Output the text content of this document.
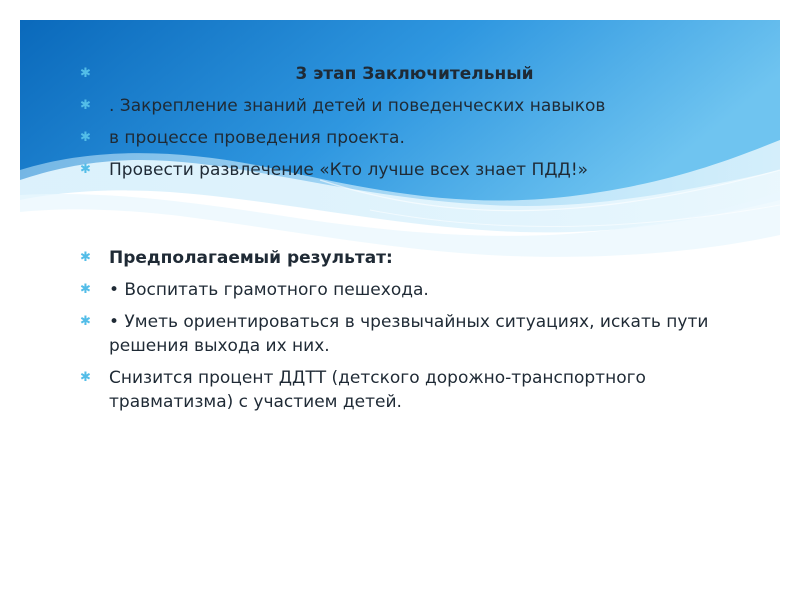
✱	3 этап Заключительный
✱ . Закрепление знаний детей и поведенческих навыков
✱ в процессе проведения проекта.
✱ Провести развлечение «Кто лучше всех знает ПДД!»
✱ Предполагаемый результат:
✱ • Воспитать грамотного пешехода.
✱ • Уметь ориентироваться в чрезвычайных ситуациях, искать пути решения выхода их них.
✱ Снизится процент ДДТТ (детского дорожно-транспортного травматизма) с участием детей.
